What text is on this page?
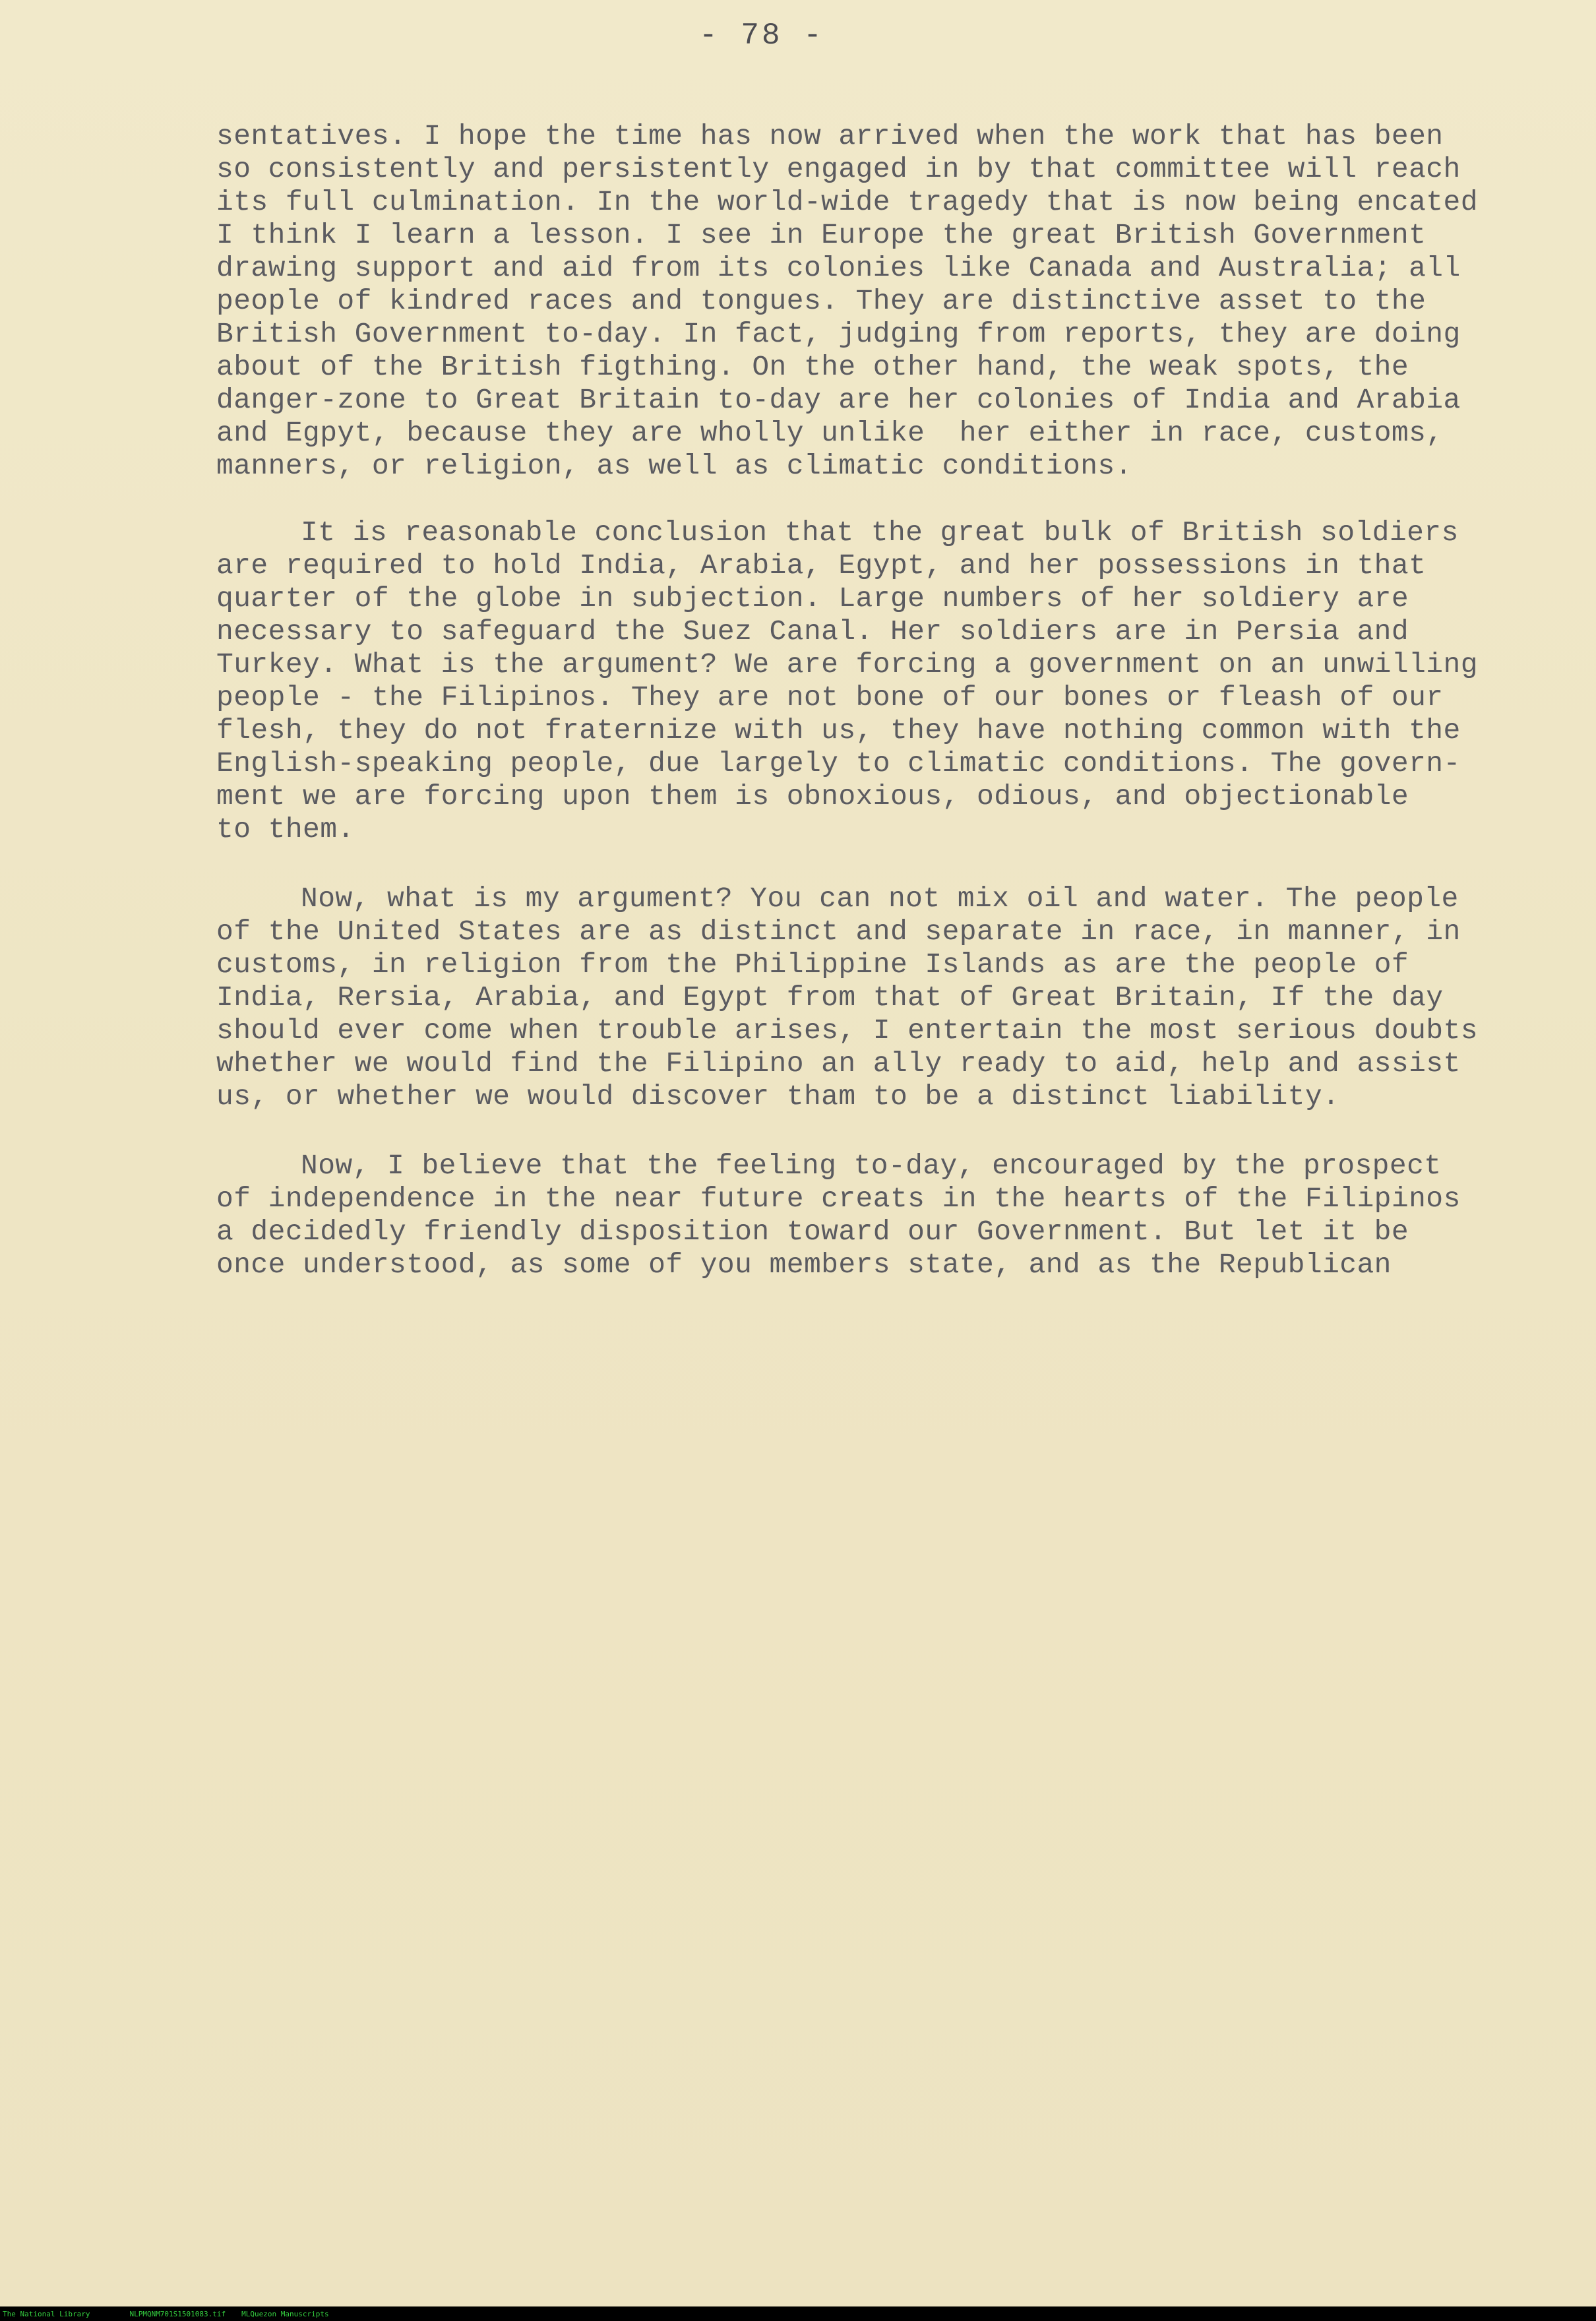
- 78 -
sentatives. I hope the time has now arrived when the work that has been
so consistently and persistently engaged in by that committee will reach
its full culmination. In the world-wide tragedy that is now being encated
I think I learn a lesson. I see in Europe the great British Government
drawing support and aid from its colonies like Canada and Australia; all
people of kindred races and tongues. They are distinctive asset to the
British Government to-day. In fact, judging from reports, they are doing
about of the British figthing. On the other hand, the weak spots, the
danger-zone to Great Britain to-day are her colonies of India and Arabia
and Egpyt, because they are wholly unlike  her either in race, customs,
manners, or religion, as well as climatic conditions.
It is reasonable conclusion that the great bulk of British soldiers
are required to hold India, Arabia, Egypt, and her possessions in that
quarter of the globe in subjection. Large numbers of her soldiery are
necessary to safeguard the Suez Canal. Her soldiers are in Persia and
Turkey. What is the argument? We are forcing a government on an unwilling
people - the Filipinos. They are not bone of our bones or fleash of our
flesh, they do not fraternize with us, they have nothing common with the
English-speaking people, due largely to climatic conditions. The govern-
ment we are forcing upon them is obnoxious, odious, and objectionable
to them.
Now, what is my argument? You can not mix oil and water. The people
of the United States are as distinct and separate in race, in manner, in
customs, in religion from the Philippine Islands as are the people of
India, Rersia, Arabia, and Egypt from that of Great Britain, If the day
should ever come when trouble arises, I entertain the most serious doubts
whether we would find the Filipino an ally ready to aid, help and assist
us, or whether we would discover tham to be a distinct liability.
Now, I believe that the feeling to-day, encouraged by the prospect
of independence in the near future creats in the hearts of the Filipinos
a decidedly friendly disposition toward our Government. But let it be
once understood, as some of you members state, and as the Republican
The National Library	NLPMQNM701S1501083.tif MLQuezon Manuscripts
